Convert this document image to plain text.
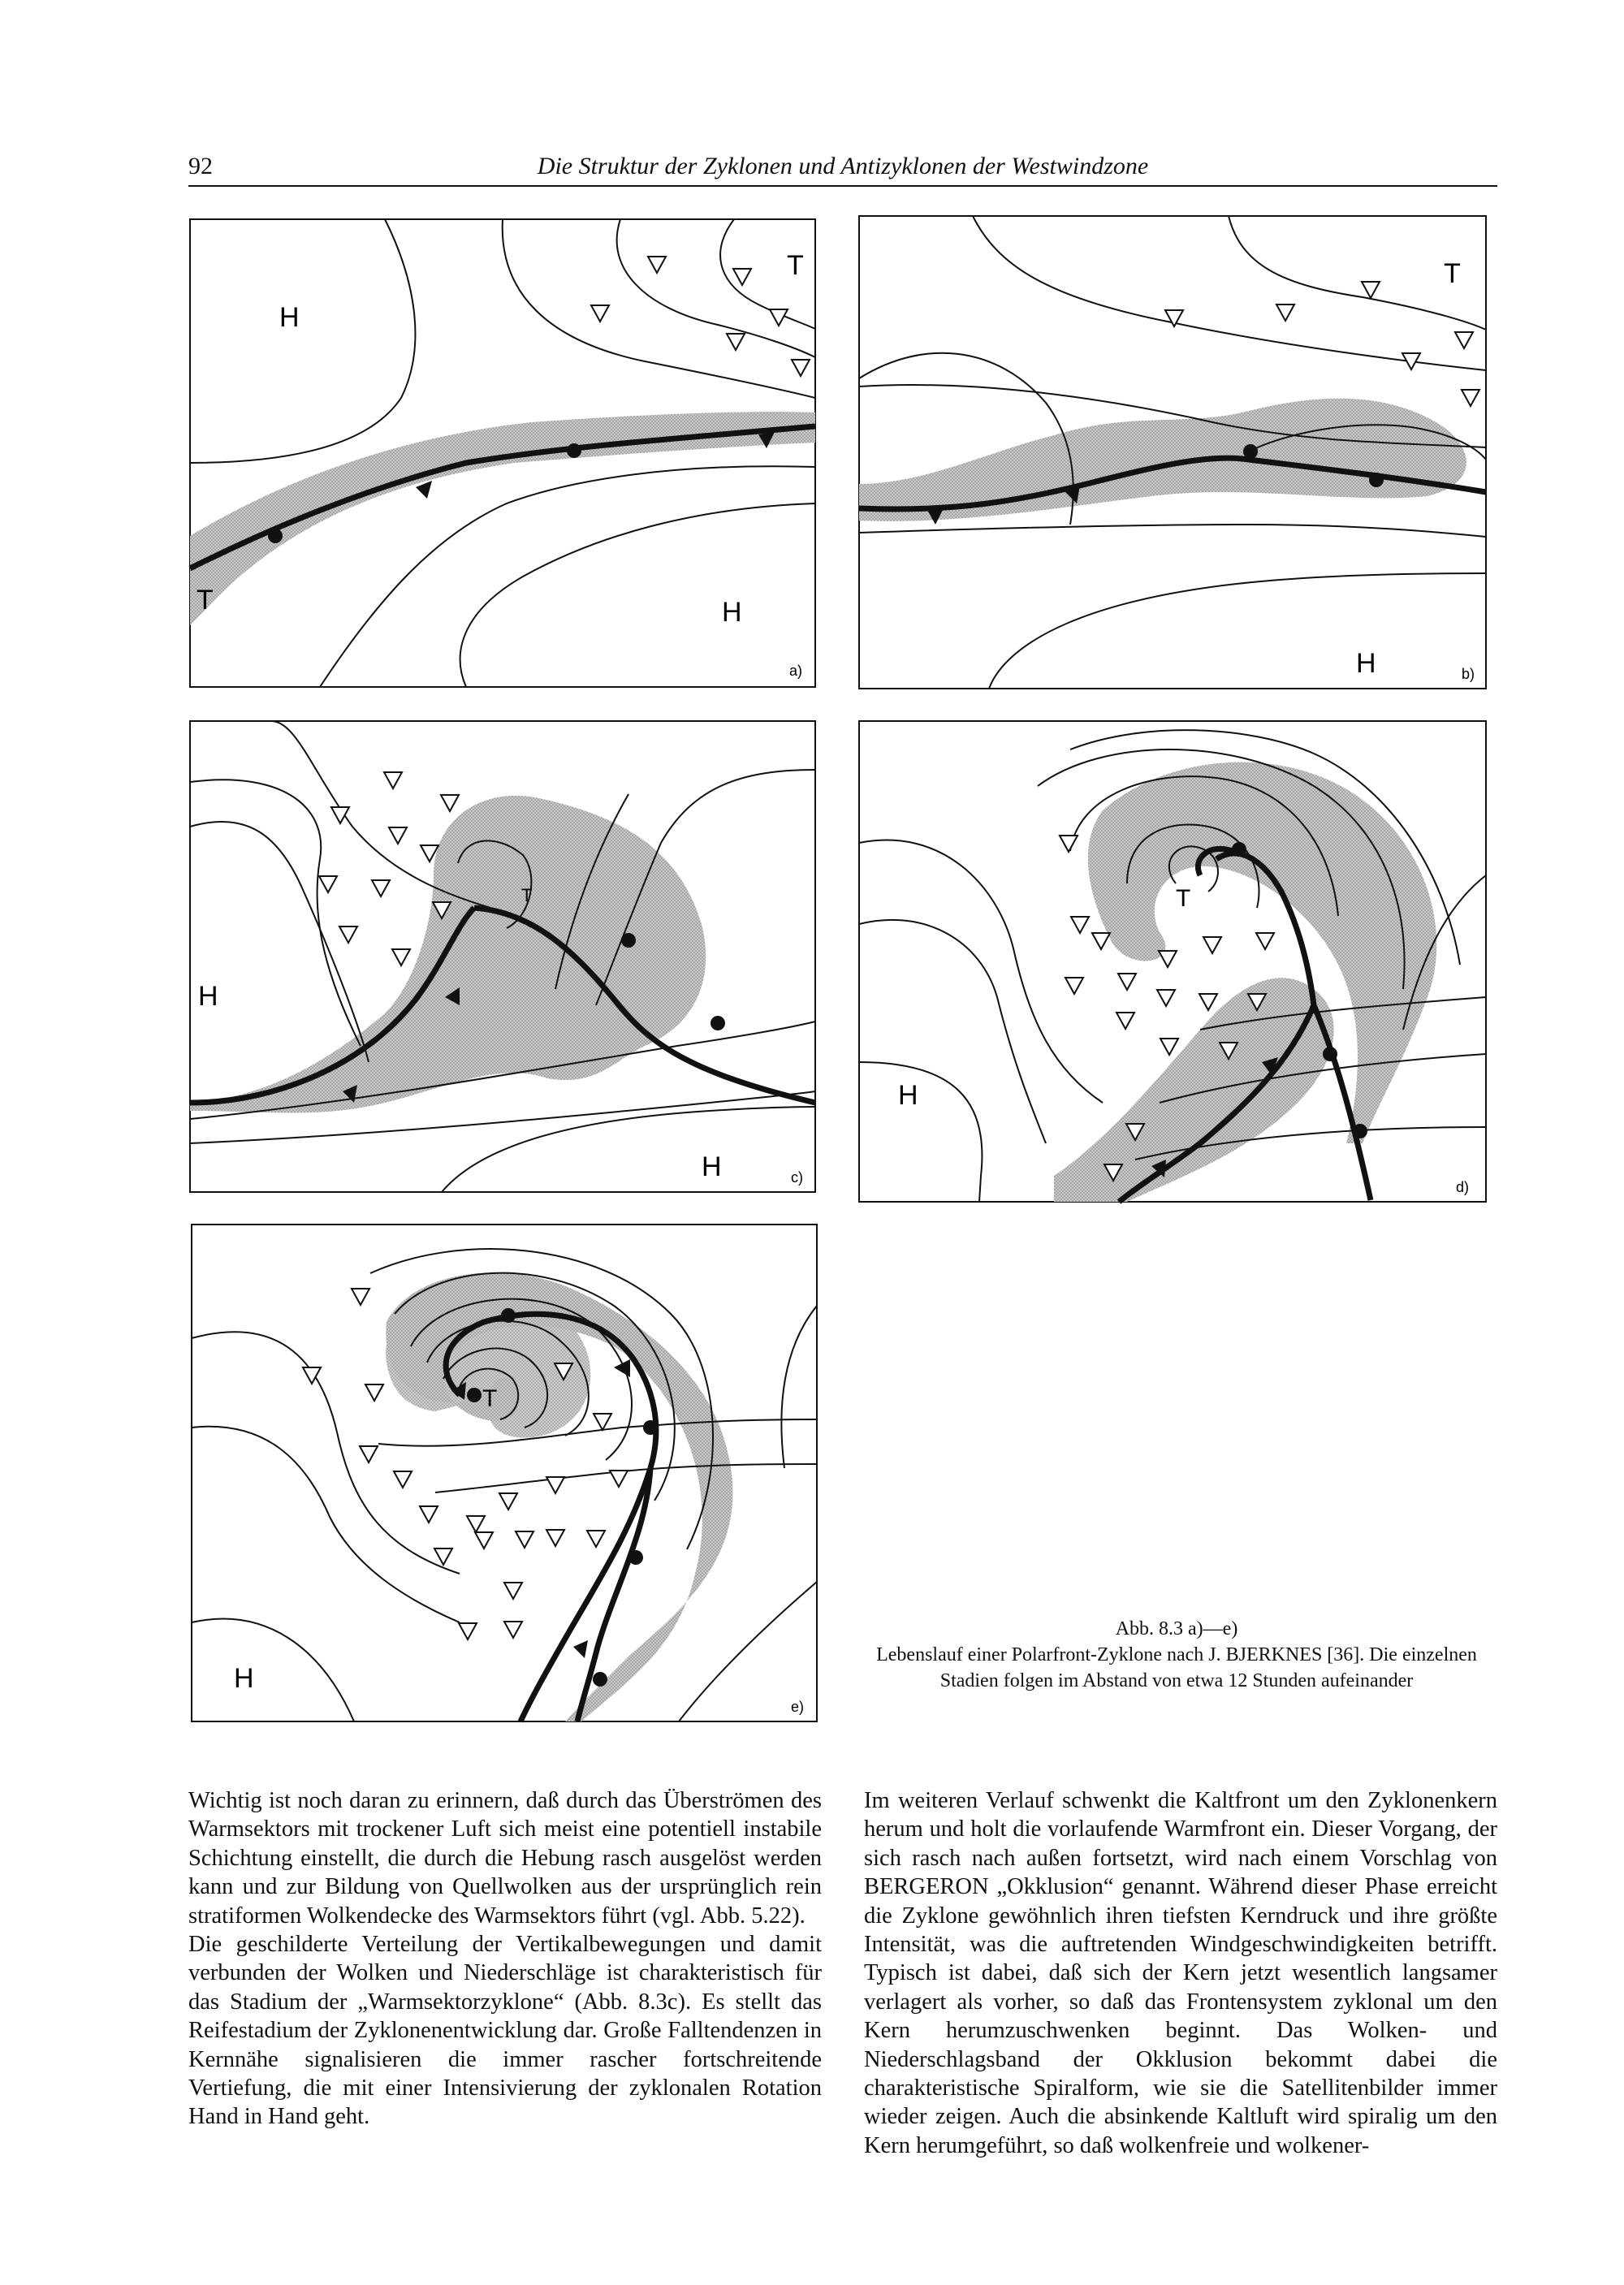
92	Die Struktur der Zyklonen und Antizyklonen der Westwindzone
H
H
T
T
a)	H
T
b)
H
H
T
c)
H
T
d)
H
T
e)
Abb. 8.3 a)—e)
Lebenslauf einer Polarfront-Zyklone nach J. BJERKNES [36]. Die einzelnen Stadien folgen im Abstand von etwa 12 Stunden aufeinander

Wichtig ist noch daran zu erinnern, daß durch das Überströmen des Warmsektors mit trockener Luft sich meist eine potentiell instabile Schichtung einstellt, die durch die Hebung rasch ausgelöst werden kann und zur Bildung von Quellwolken aus der ursprünglich rein stratiformen Wolkendecke des Warmsektors führt (vgl. Abb. 5.22).

Die geschilderte Verteilung der Vertikalbewegungen und damit verbunden der Wolken und Niederschläge ist charakteristisch für das Stadium der „Warmsektorzyklone“ (Abb. 8.3c). Es stellt das Reifestadium der Zyklonenentwicklung dar. Große Falltendenzen in Kernnähe signalisieren die immer rascher fortschreitende Vertiefung, die mit einer Intensivierung der zyklonalen Rotation Hand in Hand geht.

Im weiteren Verlauf schwenkt die Kaltfront um den Zyklonenkern herum und holt die vorlaufende Warmfront ein. Dieser Vorgang, der sich rasch nach außen fortsetzt, wird nach einem Vorschlag von BERGERON „Okklusion“ genannt. Während dieser Phase erreicht die Zyklone gewöhnlich ihren tiefsten Kerndruck und ihre größte Intensität, was die auftretenden Windgeschwindigkeiten betrifft. Typisch ist dabei, daß sich der Kern jetzt wesentlich langsamer verlagert als vorher, so daß das Frontensystem zyklonal um den Kern herumzuschwenken beginnt. Das Wolken- und Niederschlagsband der Okklusion bekommt dabei die charakteristische Spiralform, wie sie die Satellitenbilder immer wieder zeigen. Auch die absinkende Kaltluft wird spiralig um den Kern herumgeführt, so daß wolkenfreie und wolkener-
